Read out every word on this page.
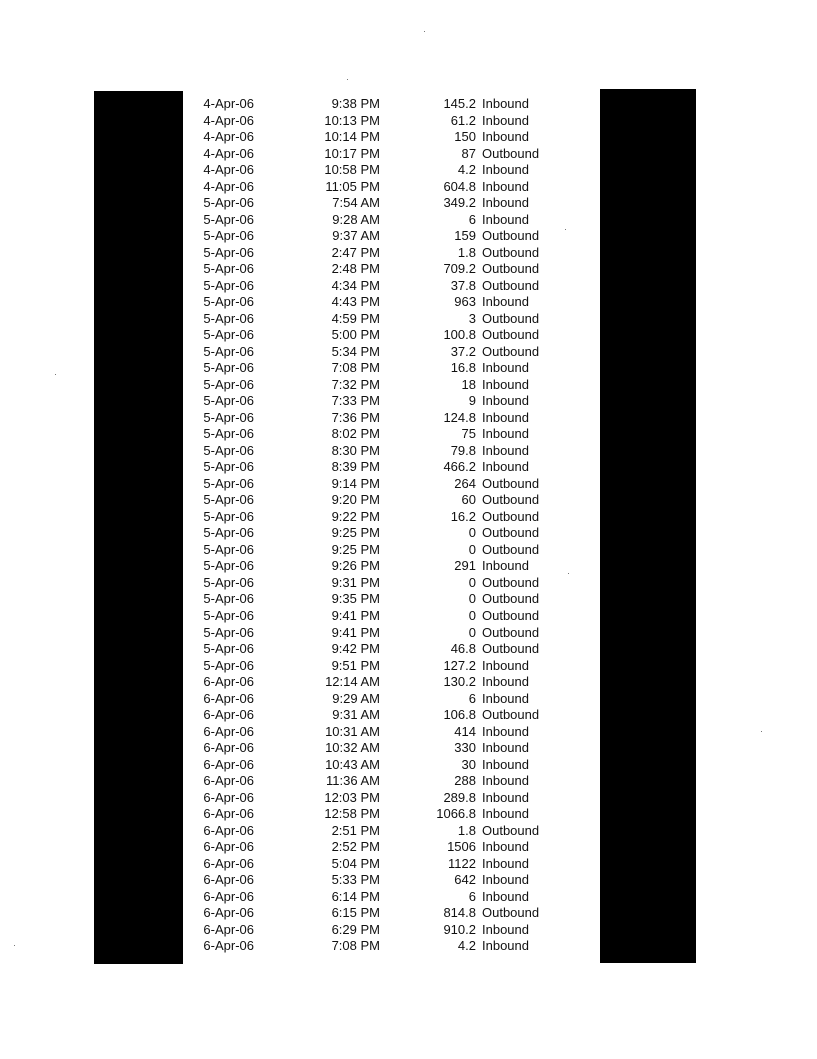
4-Apr-06	9:38 PM	145.2 Inbound
4-Apr-06	10:13 PM	61.2 Inbound
4-Apr-06	10:14 PM	150 Inbound
4-Apr-06	10:17 PM	87 Outbound
4-Apr-06	10:58 PM	4.2 Inbound
4-Apr-06	11:05 PM	604.8 Inbound
5-Apr-06	7:54 AM	349.2 Inbound
5-Apr-06	9:28 AM	6 Inbound
5-Apr-06	9:37 AM	159 Outbound
5-Apr-06	2:47 PM	1.8 Outbound
5-Apr-06	2:48 PM	709.2 Outbound
5-Apr-06	4:34 PM	37.8 Outbound
5-Apr-06	4:43 PM	963 Inbound
5-Apr-06	4:59 PM	3 Outbound
5-Apr-06	5:00 PM	100.8 Outbound
5-Apr-06	5:34 PM	37.2 Outbound
5-Apr-06	7:08 PM	16.8 Inbound
5-Apr-06	7:32 PM	18 Inbound
5-Apr-06	7:33 PM	9 Inbound
5-Apr-06	7:36 PM	124.8 Inbound
5-Apr-06	8:02 PM	75 Inbound
5-Apr-06	8:30 PM	79.8 Inbound
5-Apr-06	8:39 PM	466.2 Inbound
5-Apr-06	9:14 PM	264 Outbound
5-Apr-06	9:20 PM	60 Outbound
5-Apr-06	9:22 PM	16.2 Outbound
5-Apr-06	9:25 PM	0 Outbound
5-Apr-06	9:25 PM	0 Outbound
5-Apr-06	9:26 PM	291 Inbound
5-Apr-06	9:31 PM	0 Outbound
5-Apr-06	9:35 PM	0 Outbound
5-Apr-06	9:41 PM	0 Outbound
5-Apr-06	9:41 PM	0 Outbound
5-Apr-06	9:42 PM	46.8 Outbound
5-Apr-06	9:51 PM	127.2 Inbound
6-Apr-06	12:14 AM	130.2 Inbound
6-Apr-06	9:29 AM	6 Inbound
6-Apr-06	9:31 AM	106.8 Outbound
6-Apr-06	10:31 AM	414 Inbound
6-Apr-06	10:32 AM	330 Inbound
6-Apr-06	10:43 AM	30 Inbound
6-Apr-06	11:36 AM	288 Inbound
6-Apr-06	12:03 PM	289.8 Inbound
6-Apr-06	12:58 PM	1066.8 Inbound
6-Apr-06	2:51 PM	1.8 Outbound
6-Apr-06	2:52 PM	1506 Inbound
6-Apr-06	5:04 PM	1122 Inbound
6-Apr-06	5:33 PM	642 Inbound
6-Apr-06	6:14 PM	6 Inbound
6-Apr-06	6:15 PM	814.8 Outbound
6-Apr-06	6:29 PM	910.2 Inbound
6-Apr-06	7:08 PM	4.2 Inbound
